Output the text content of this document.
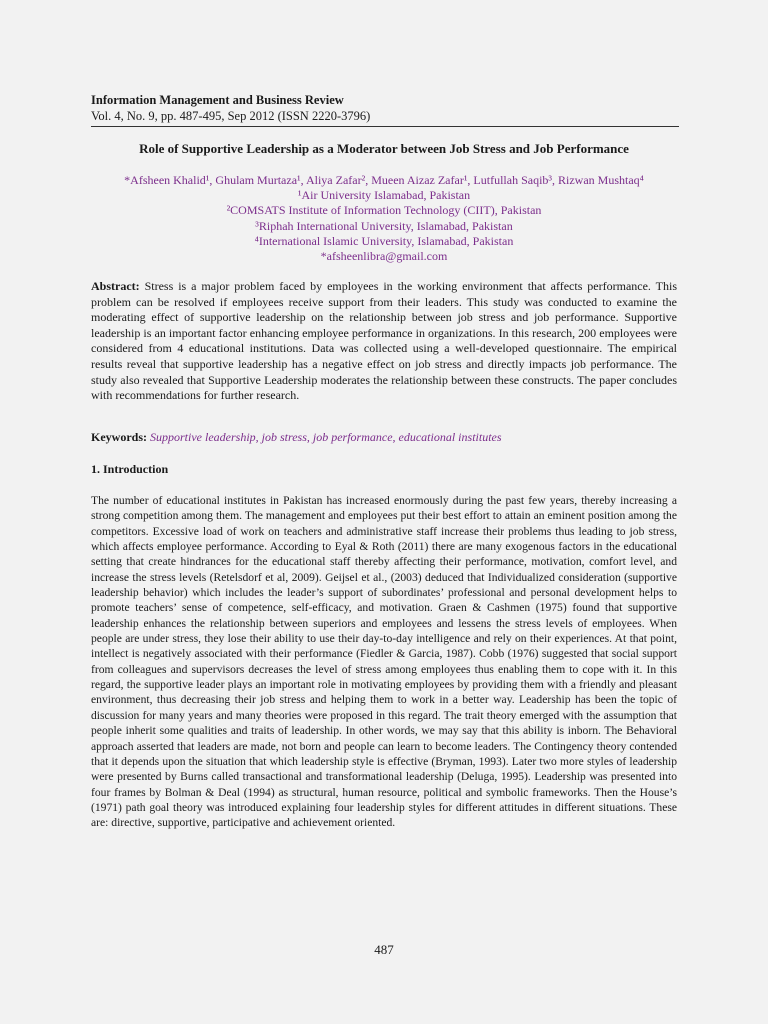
Information Management and Business Review
Vol. 4, No. 9, pp. 487-495, Sep 2012 (ISSN 2220-3796)
Role of Supportive Leadership as a Moderator between Job Stress and Job Performance
*Afsheen Khalid¹, Ghulam Murtaza¹, Aliya Zafar², Mueen Aizaz Zafar¹, Lutfullah Saqib³, Rizwan Mushtaq⁴
¹Air University Islamabad, Pakistan
²COMSATS Institute of Information Technology (CIIT), Pakistan
³Riphah International University, Islamabad, Pakistan
⁴International Islamic University, Islamabad, Pakistan
*afsheenlibra@gmail.com
Abstract: Stress is a major problem faced by employees in the working environment that affects performance. This problem can be resolved if employees receive support from their leaders. This study was conducted to examine the moderating effect of supportive leadership on the relationship between job stress and job performance. Supportive leadership is an important factor enhancing employee performance in organizations. In this research, 200 employees were considered from 4 educational institutions. Data was collected using a well-developed questionnaire. The empirical results reveal that supportive leadership has a negative effect on job stress and directly impacts job performance. The study also revealed that Supportive Leadership moderates the relationship between these constructs. The paper concludes with recommendations for further research.
Keywords: Supportive leadership, job stress, job performance, educational institutes
1. Introduction
The number of educational institutes in Pakistan has increased enormously during the past few years, thereby increasing a strong competition among them. The management and employees put their best effort to attain an eminent position among the competitors. Excessive load of work on teachers and administrative staff increase their problems thus leading to job stress, which affects employee performance. According to Eyal & Roth (2011) there are many exogenous factors in the educational setting that create hindrances for the educational staff thereby affecting their performance, motivation, comfort level, and increase the stress levels (Retelsdorf et al, 2009). Geijsel et al., (2003) deduced that Individualized consideration (supportive leadership behavior) which includes the leader’s support of subordinates’ professional and personal development helps to promote teachers’ sense of competence, self-efficacy, and motivation. Graen & Cashmen (1975) found that supportive leadership enhances the relationship between superiors and employees and lessens the stress levels of employees. When people are under stress, they lose their ability to use their day-to-day intelligence and rely on their experiences. At that point, intellect is negatively associated with their performance (Fiedler & Garcia, 1987). Cobb (1976) suggested that social support from colleagues and supervisors decreases the level of stress among employees thus enabling them to cope with it. In this regard, the supportive leader plays an important role in motivating employees by providing them with a friendly and pleasant environment, thus decreasing their job stress and helping them to work in a better way. Leadership has been the topic of discussion for many years and many theories were proposed in this regard. The trait theory emerged with the assumption that people inherit some qualities and traits of leadership. In other words, we may say that this ability is inborn. The Behavioral approach asserted that leaders are made, not born and people can learn to become leaders. The Contingency theory contended that it depends upon the situation that which leadership style is effective (Bryman, 1993). Later two more styles of leadership were presented by Burns called transactional and transformational leadership (Deluga, 1995). Leadership was presented into four frames by Bolman & Deal (1994) as structural, human resource, political and symbolic frameworks. Then the House’s (1971) path goal theory was introduced explaining four leadership styles for different attitudes in different situations. These are: directive, supportive, participative and achievement oriented.
487
